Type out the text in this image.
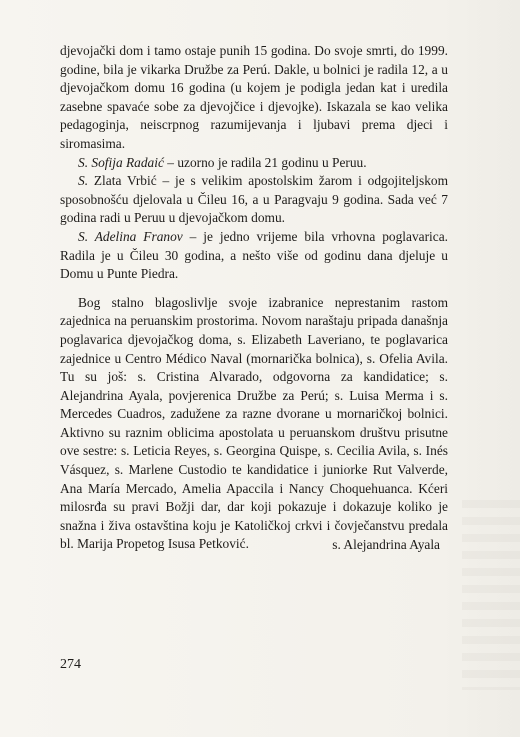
djevojački dom i tamo ostaje punih 15 godina. Do svoje smrti, do 1999. godine, bila je vikarka Družbe za Perú. Dakle, u bolnici je radila 12, a u djevojačkom domu 16 godina (u kojem je podigla jedan kat i uredila zasebne spavaće sobe za djevojčice i djevojke). Iskazala se kao velika pedagoginja, neiscrpnog razumijevanja i ljubavi prema djeci i siromasima.

S. Sofija Radaić – uzorno je radila 21 godinu u Peruu.

S. Zlata Vrbić – je s velikim apostolskim žarom i odgojiteljskom sposobnošću djelovala u Čileu 16, a u Paragvaju 9 godina. Sada već 7 godina radi u Peruu u djevojačkom domu.

S. Adelina Franov – je jedno vrijeme bila vrhovna poglavarica. Radila je u Čileu 30 godina, a nešto više od godinu dana djeluje u Domu u Punte Piedra.

Bog stalno blagoslivlje svoje izabranice neprestanim rastom zajednica na peruanskim prostorima. Novom naraštaju pripada današnja poglavarica djevojačkog doma, s. Elizabeth Laveriano, te poglavarica zajednice u Centro Médico Naval (mornarička bolnica), s. Ofelia Avila. Tu su još: s. Cristina Alvarado, odgovorna za kandidatice; s. Alejandrina Ayala, povjerenica Družbe za Perú; s. Luisa Merma i s. Mercedes Cuadros, zadužene za razne dvorane u mornaričkoj bolnici. Aktivno su raznim oblicima apostolata u peruanskom društvu prisutne ove sestre: s. Leticia Reyes, s. Georgina Quispe, s. Cecilia Avila, s. Inés Vásquez, s. Marlene Custodio te kandidatice i juniorke Rut Valverde, Ana María Mercado, Amelia Apaccila i Nancy Choquehuanca. Kćeri milosrđa su pravi Božji dar, dar koji pokazuje i dokazuje koliko je snažna i živa ostavština koju je Katoličkoj crkvi i čovječanstvu predala bl. Marija Propetog Isusa Petković.	s. Alejandrina Ayala
274
